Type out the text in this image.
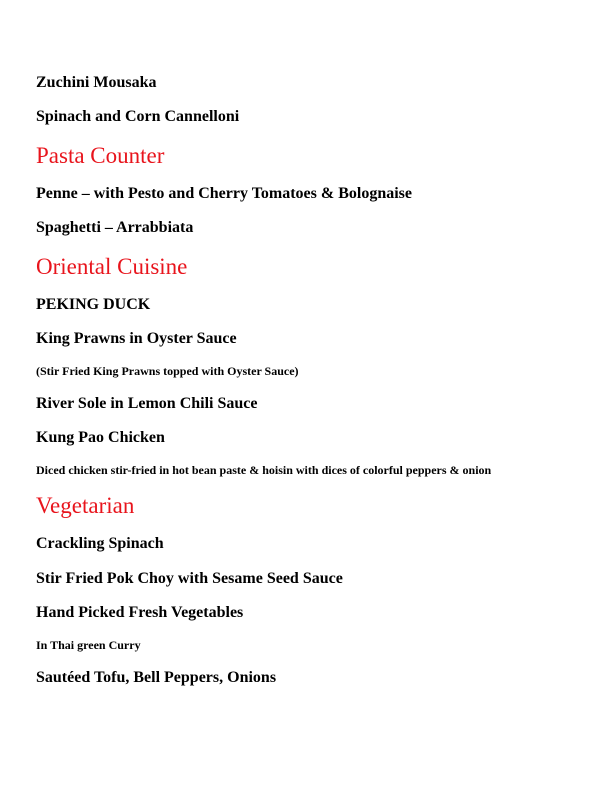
Zuchini Mousaka
Spinach and Corn Cannelloni
Pasta Counter
Penne – with Pesto and Cherry Tomatoes & Bolognaise
Spaghetti – Arrabbiata
Oriental Cuisine
PEKING DUCK
King Prawns in Oyster Sauce
(Stir Fried King Prawns topped with Oyster Sauce)
River Sole in Lemon Chili Sauce
Kung Pao Chicken
Diced chicken stir-fried in hot bean paste & hoisin with dices of colorful peppers & onion
Vegetarian
Crackling Spinach
Stir Fried Pok Choy with Sesame Seed Sauce
Hand Picked Fresh Vegetables
In Thai green Curry
Sautéed Tofu, Bell Peppers, Onions
